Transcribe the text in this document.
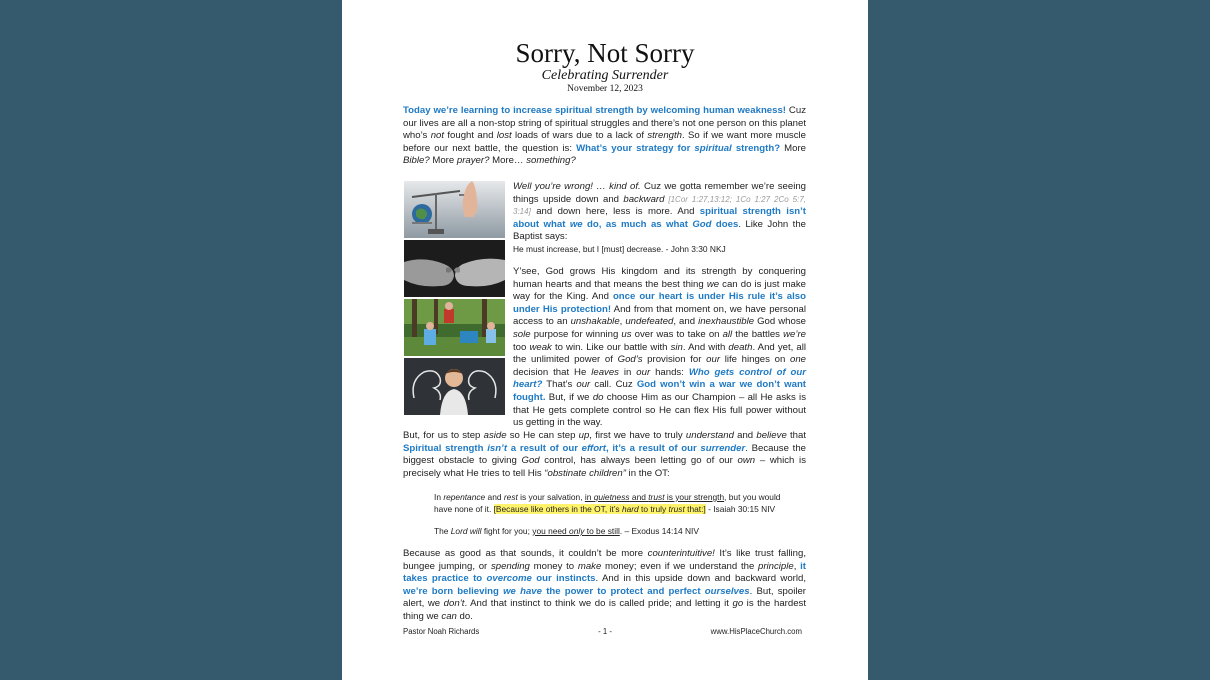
Sorry, Not Sorry
Celebrating Surrender
November 12, 2023

Today we’re learning to increase spiritual strength by welcoming human weakness! Cuz our lives are all a non-stop string of spiritual struggles and there’s not one person on this planet who’s not fought and lost loads of wars due to a lack of strength. So if we want more muscle before our next battle, the question is: What’s your strategy for spiritual strength? More Bible? More prayer? More… something?

Well you’re wrong! … kind of. Cuz we gotta remember we’re seeing things upside down and backward [1Cor 1:27,13:12; 1Co 1:27 2Co 5:7, 3:14] and down here, less is more. And spiritual strength isn’t about what we do, as much as what God does. Like John the Baptist says:

He must increase, but I [must] decrease. - John 3:30 NKJ

Y’see, God grows His kingdom and its strength by conquering human hearts and that means the best thing we can do is just make way for the King. And once our heart is under His rule it’s also under His protection! And from that moment on, we have personal access to an unshakable, undefeated, and inexhaustible God whose sole purpose for winning us over was to take on all the battles we’re too weak to win. Like our battle with sin. And with death. And yet, all the unlimited power of God’s provision for our life hinges on one decision that He leaves in our hands: Who gets control of our heart? That’s our call. Cuz God won’t win a war we don’t want fought. But, if we do choose Him as our Champion – all He asks is that He gets complete control so He can flex His full power without us getting in the way.

But, for us to step aside so He can step up, first we have to truly understand and believe that Spiritual strength isn’t a result of our effort, it’s a result of our surrender. Because the biggest obstacle to giving God control, has always been letting go of our own – which is precisely what He tries to tell His “obstinate children” in the OT:

In repentance and rest is your salvation, in quietness and trust is your strength, but you would have none of it. [Because like others in the OT, it’s hard to truly trust that:] - Isaiah 30:15 NIV

The Lord will fight for you; you need only to be still. – Exodus 14:14 NIV

Because as good as that sounds, it couldn’t be more counterintuitive! It’s like trust falling, bungee jumping, or spending money to make money; even if we understand the principle, it takes practice to overcome our instincts. And in this upside down and backward world, we’re born believing we have the power to protect and perfect ourselves. But, spoiler alert, we don’t. And that instinct to think we do is called pride; and letting it go is the hardest thing we can do.

Pastor Noah Richards	- 1 -	www.HisPlaceChurch.com
